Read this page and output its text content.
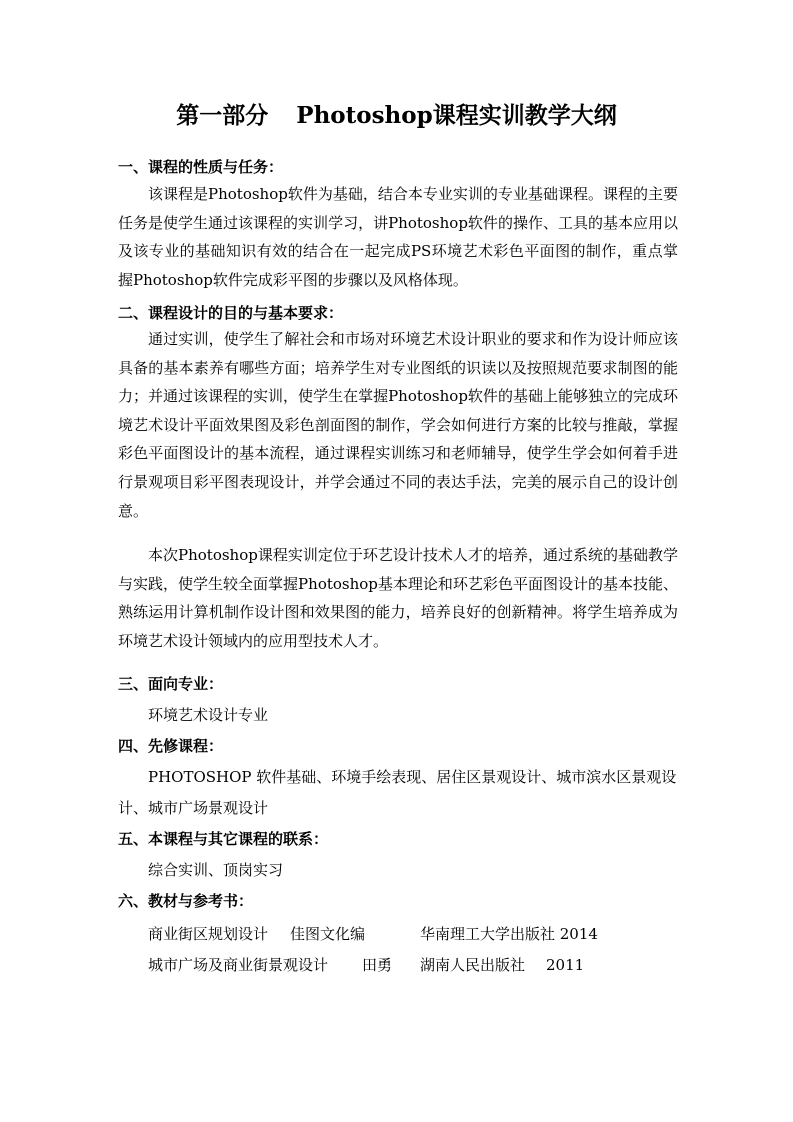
第一部分 Photoshop课程实训教学大纲
一、课程的性质与任务：
该课程是Photoshop软件为基础，结合本专业实训的专业基础课程。课程的主要任务是使学生通过该课程的实训学习，讲Photoshop软件的操作、工具的基本应用以及该专业的基础知识有效的结合在一起完成PS环境艺术彩色平面图的制作，重点掌握Photoshop软件完成彩平图的步骤以及风格体现。
二、课程设计的目的与基本要求：
通过实训，使学生了解社会和市场对环境艺术设计职业的要求和作为设计师应该具备的基本素养有哪些方面；培养学生对专业图纸的识读以及按照规范要求制图的能力；并通过该课程的实训，使学生在掌握Photoshop软件的基础上能够独立的完成环境艺术设计平面效果图及彩色剖面图的制作，学会如何进行方案的比较与推敲，掌握彩色平面图设计的基本流程，通过课程实训练习和老师辅导，使学生学会如何着手进行景观项目彩平图表现设计，并学会通过不同的表达手法，完美的展示自己的设计创意。
本次Photoshop课程实训定位于环艺设计技术人才的培养，通过系统的基础教学与实践，使学生较全面掌握Photoshop基本理论和环艺彩色平面图设计的基本技能、熟练运用计算机制作设计图和效果图的能力，培养良好的创新精神。将学生培养成为环境艺术设计领域内的应用型技术人才。
三、面向专业：
环境艺术设计专业
四、先修课程：
PHOTOSHOP 软件基础、环境手绘表现、居住区景观设计、城市滨水区景观设
计、城市广场景观设计
五、本课程与其它课程的联系：
综合实训、顶岗实习
六、教材与参考书：
商业街区规划设计 佳图文化编	华南理工大学出版社 2014
城市广场及商业街景观设计 田勇 湖南人民出版社 2011
